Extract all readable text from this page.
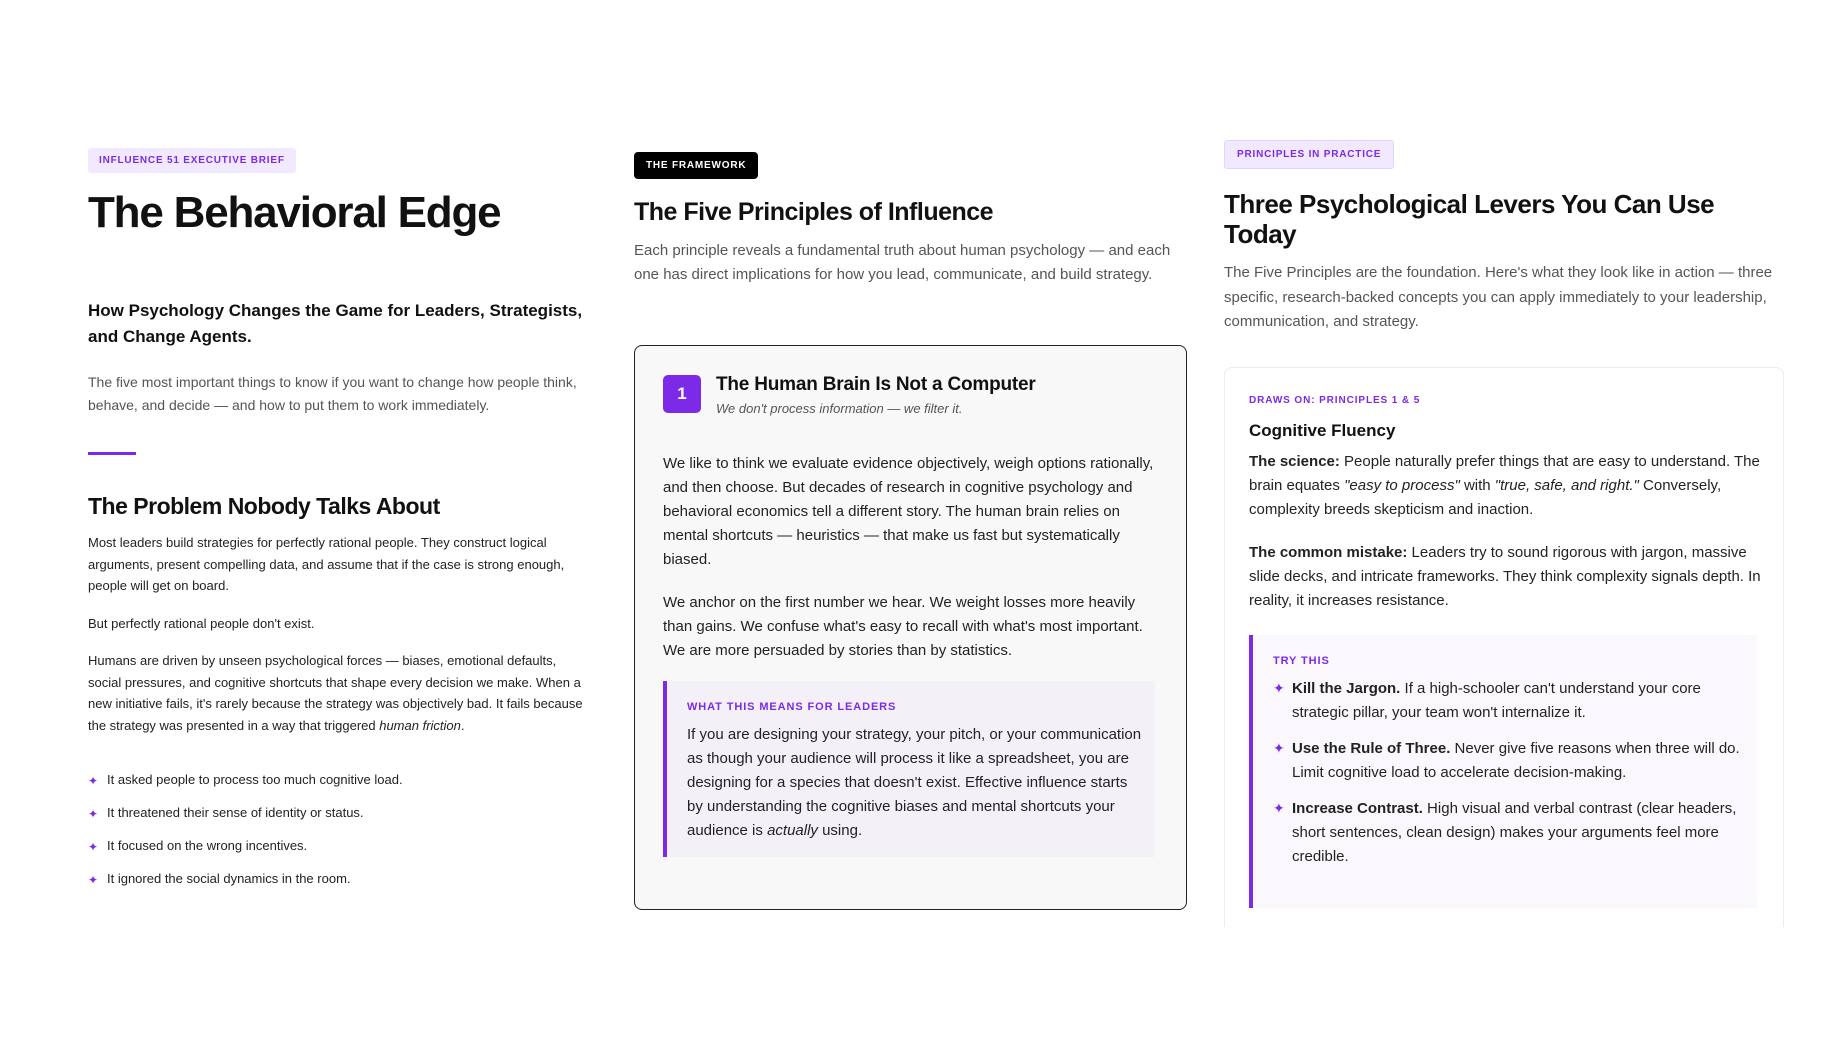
INFLUENCE 51 EXECUTIVE BRIEF
The Behavioral Edge

How Psychology Changes the Game for Leaders, Strategists, and Change Agents.

The five most important things to know if you want to change how people think, behave, and decide — and how to put them to work immediately.

The Problem Nobody Talks About

Most leaders build strategies for perfectly rational people. They construct logical arguments, present compelling data, and assume that if the case is strong enough, people will get on board.

But perfectly rational people don't exist.

Humans are driven by unseen psychological forces — biases, emotional defaults, social pressures, and cognitive shortcuts that shape every decision we make. When a new initiative fails, it's rarely because the strategy was objectively bad. It fails because the strategy was presented in a way that triggered human friction.

✦ It asked people to process too much cognitive load.
✦ It threatened their sense of identity or status.
✦ It focused on the wrong incentives.
✦ It ignored the social dynamics in the room.
THE FRAMEWORK
The Five Principles of Influence

Each principle reveals a fundamental truth about human psychology — and each one has direct implications for how you lead, communicate, and build strategy.

1	The Human Brain Is Not a Computer
We don't process information — we filter it.

We like to think we evaluate evidence objectively, weigh options rationally, and then choose. But decades of research in cognitive psychology and behavioral economics tell a different story. The human brain relies on mental shortcuts — heuristics — that make us fast but systematically biased.

We anchor on the first number we hear. We weight losses more heavily than gains. We confuse what's easy to recall with what's most important. We are more persuaded by stories than by statistics.

WHAT THIS MEANS FOR LEADERS

If you are designing your strategy, your pitch, or your communication as though your audience will process it like a spreadsheet, you are designing for a species that doesn't exist. Effective influence starts by understanding the cognitive biases and mental shortcuts your audience is actually using.

PRINCIPLES IN PRACTICE
Three Psychological Levers You Can Use Today

The Five Principles are the foundation. Here's what they look like in action — three specific, research-backed concepts you can apply immediately to your leadership, communication, and strategy.

DRAWS ON: PRINCIPLES 1 & 5
Cognitive Fluency

The science: People naturally prefer things that are easy to understand. The brain equates "easy to process" with "true, safe, and right." Conversely, complexity breeds skepticism and inaction.

The common mistake: Leaders try to sound rigorous with jargon, massive slide decks, and intricate frameworks. They think complexity signals depth. In reality, it increases resistance.

TRY THIS
✦ Kill the Jargon. If a high-schooler can't understand your core strategic pillar, your team won't internalize it.
✦ Use the Rule of Three. Never give five reasons when three will do. Limit cognitive load to accelerate decision-making.
✦ Increase Contrast. High visual and verbal contrast (clear headers, short sentences, clean design) makes your arguments feel more credible.
